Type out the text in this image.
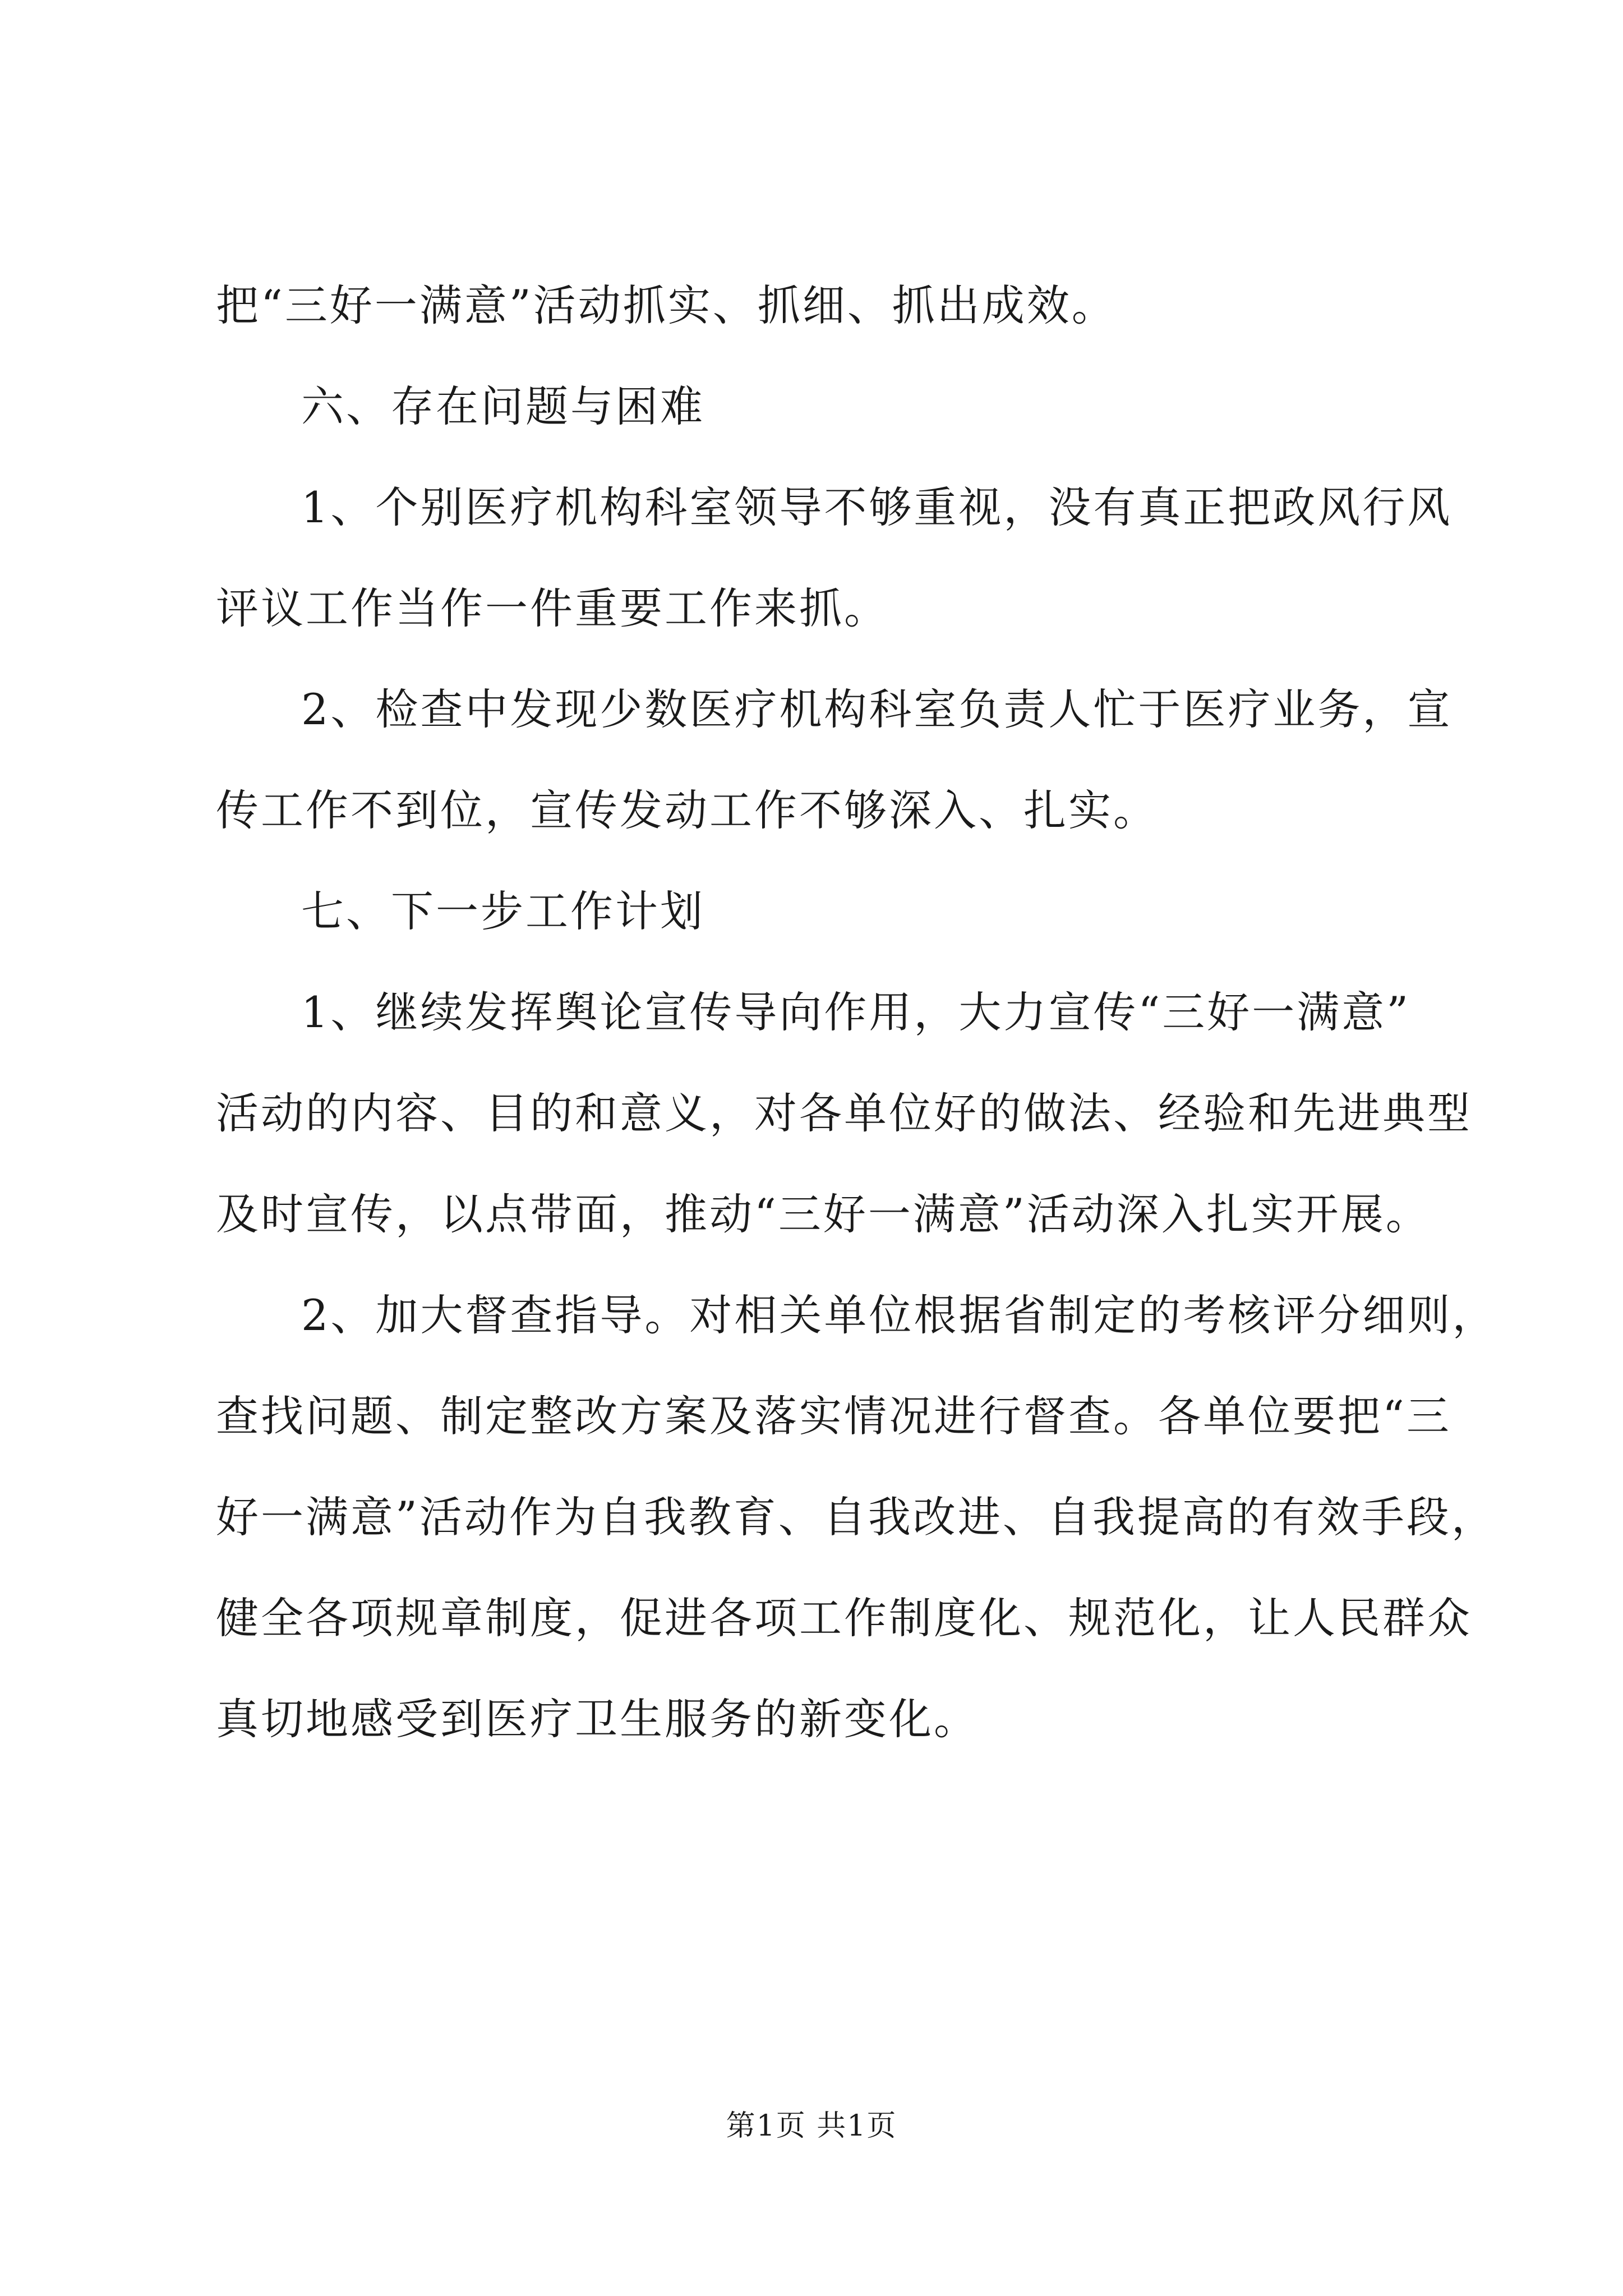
把“三好一满意”活动抓实、抓细、抓出成效。
六、存在问题与困难
1、个别医疗机构科室领导不够重视，没有真正把政风行风
评议工作当作一件重要工作来抓。
2、检查中发现少数医疗机构科室负责人忙于医疗业务，宣
传工作不到位，宣传发动工作不够深入、扎实。
七、下一步工作计划
1、继续发挥舆论宣传导向作用，大力宣传“三好一满意”
活动的内容、目的和意义，对各单位好的做法、经验和先进典型
及时宣传，以点带面，推动“三好一满意”活动深入扎实开展。
2、加大督查指导。对相关单位根据省制定的考核评分细则，
查找问题、制定整改方案及落实情况进行督查。各单位要把“三
好一满意”活动作为自我教育、自我改进、自我提高的有效手段，
健全各项规章制度，促进各项工作制度化、规范化，让人民群众
真切地感受到医疗卫生服务的新变化。
第1页 共1页
